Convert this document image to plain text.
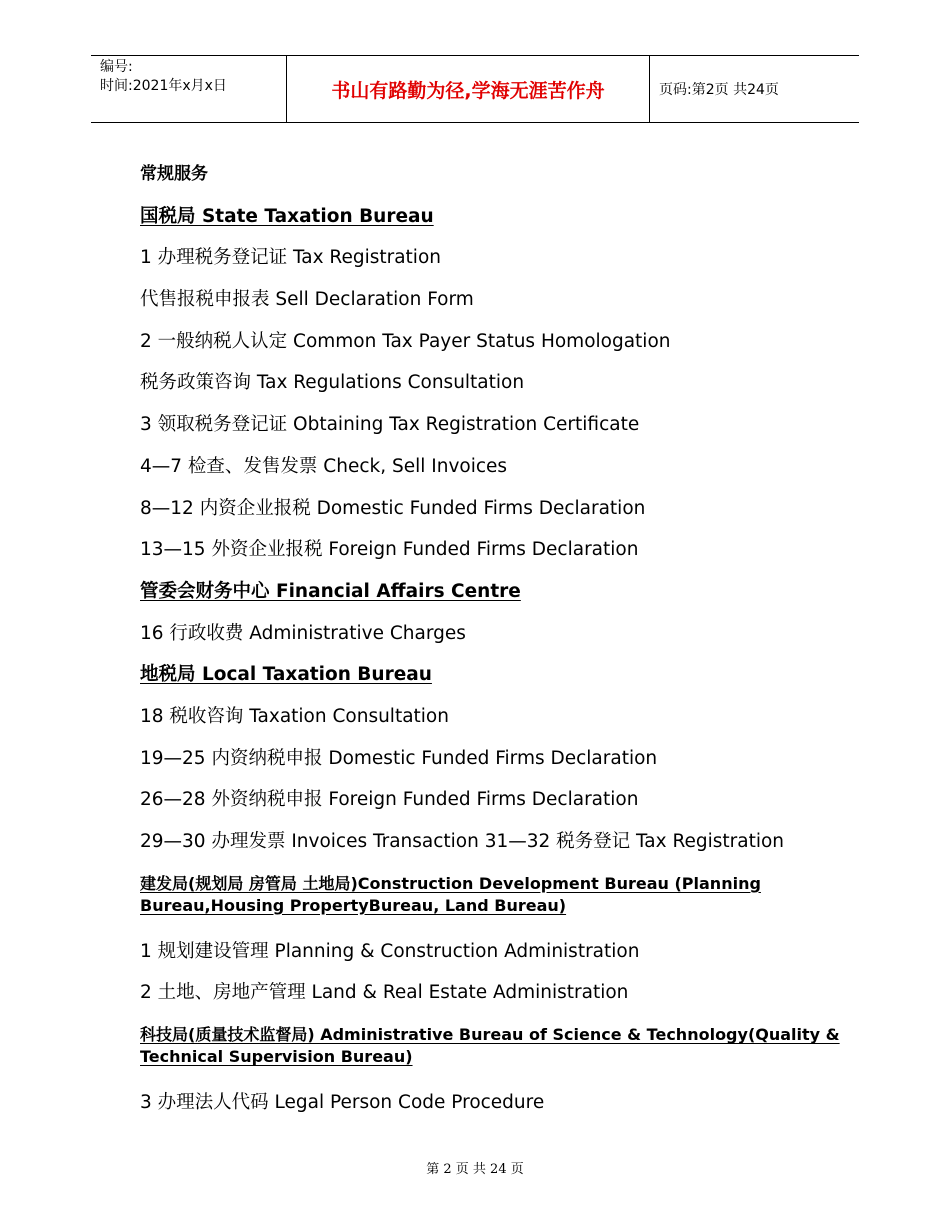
编号:
时间:2021年x月x日	书山有路勤为径,学海无涯苦作舟	页码:第2页 共24页
常规服务
国税局 State Taxation Bureau
1 办理税务登记证 Tax Registration
代售报税申报表 Sell Declaration Form
2 一般纳税人认定 Common Tax Payer Status Homologation
税务政策咨询 Tax Regulations Consultation
3 领取税务登记证 Obtaining Tax Registration Certificate
4—7 检查、发售发票 Check, Sell Invoices
8—12 内资企业报税 Domestic Funded Firms Declaration
13—15 外资企业报税 Foreign Funded Firms Declaration
管委会财务中心 Financial Affairs Centre
16 行政收费 Administrative Charges
地税局 Local Taxation Bureau
18 税收咨询 Taxation Consultation
19—25 内资纳税申报 Domestic Funded Firms Declaration
26—28 外资纳税申报 Foreign Funded Firms Declaration
29—30 办理发票 Invoices Transaction 31—32 税务登记 Tax Registration
建发局(规划局 房管局 土地局)Construction Development Bureau (Planning Bureau,Housing PropertyBureau, Land Bureau)
1 规划建设管理 Planning & Construction Administration
2 土地、房地产管理 Land & Real Estate Administration
科技局(质量技术监督局) Administrative Bureau of Science & Technology(Quality & Technical Supervision Bureau)
3 办理法人代码 Legal Person Code Procedure
第 2 页 共 24 页
